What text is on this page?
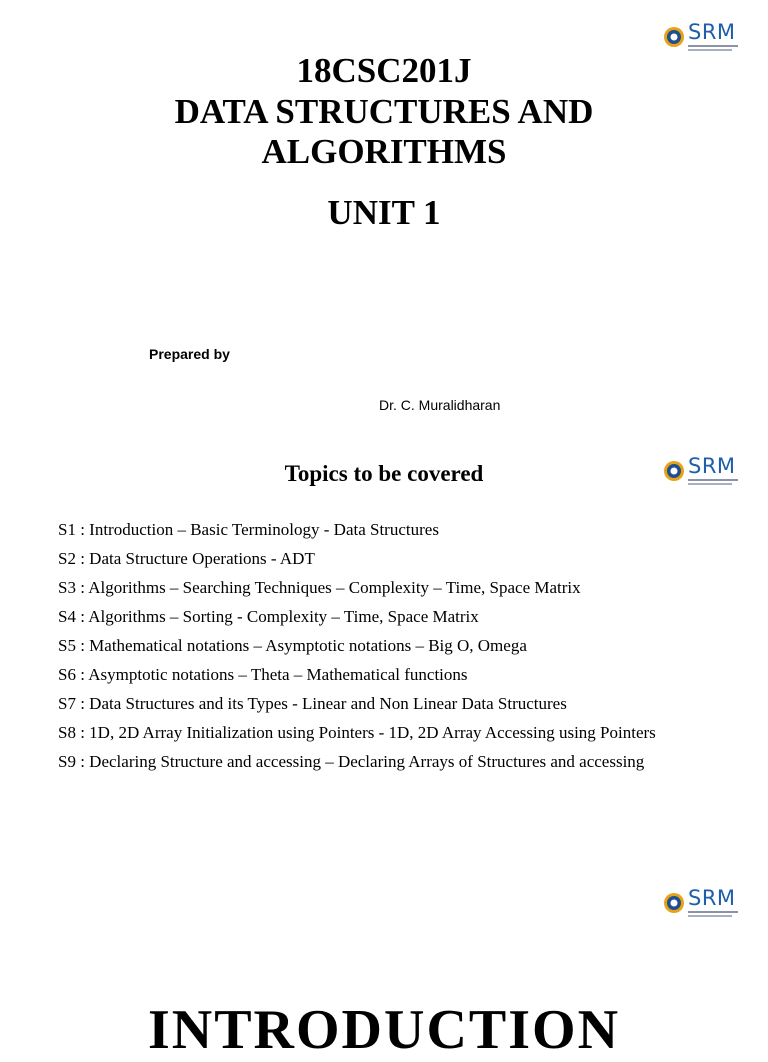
SRM
18CSC201J
DATA STRUCTURES AND
ALGORITHMS
UNIT 1
Prepared by
Dr. C. Muralidharan
SRM
Topics to be covered
S1 : Introduction – Basic Terminology - Data Structures
S2 : Data Structure Operations - ADT
S3 : Algorithms – Searching Techniques – Complexity – Time, Space Matrix
S4 : Algorithms – Sorting - Complexity – Time, Space Matrix
S5 : Mathematical notations – Asymptotic notations – Big O, Omega
S6 : Asymptotic notations – Theta – Mathematical functions
S7 : Data Structures and its Types - Linear and Non Linear Data Structures
S8 : 1D, 2D Array Initialization using Pointers - 1D, 2D Array Accessing using Pointers
S9 : Declaring Structure and accessing – Declaring Arrays of Structures and accessing
SRM
INTRODUCTION
